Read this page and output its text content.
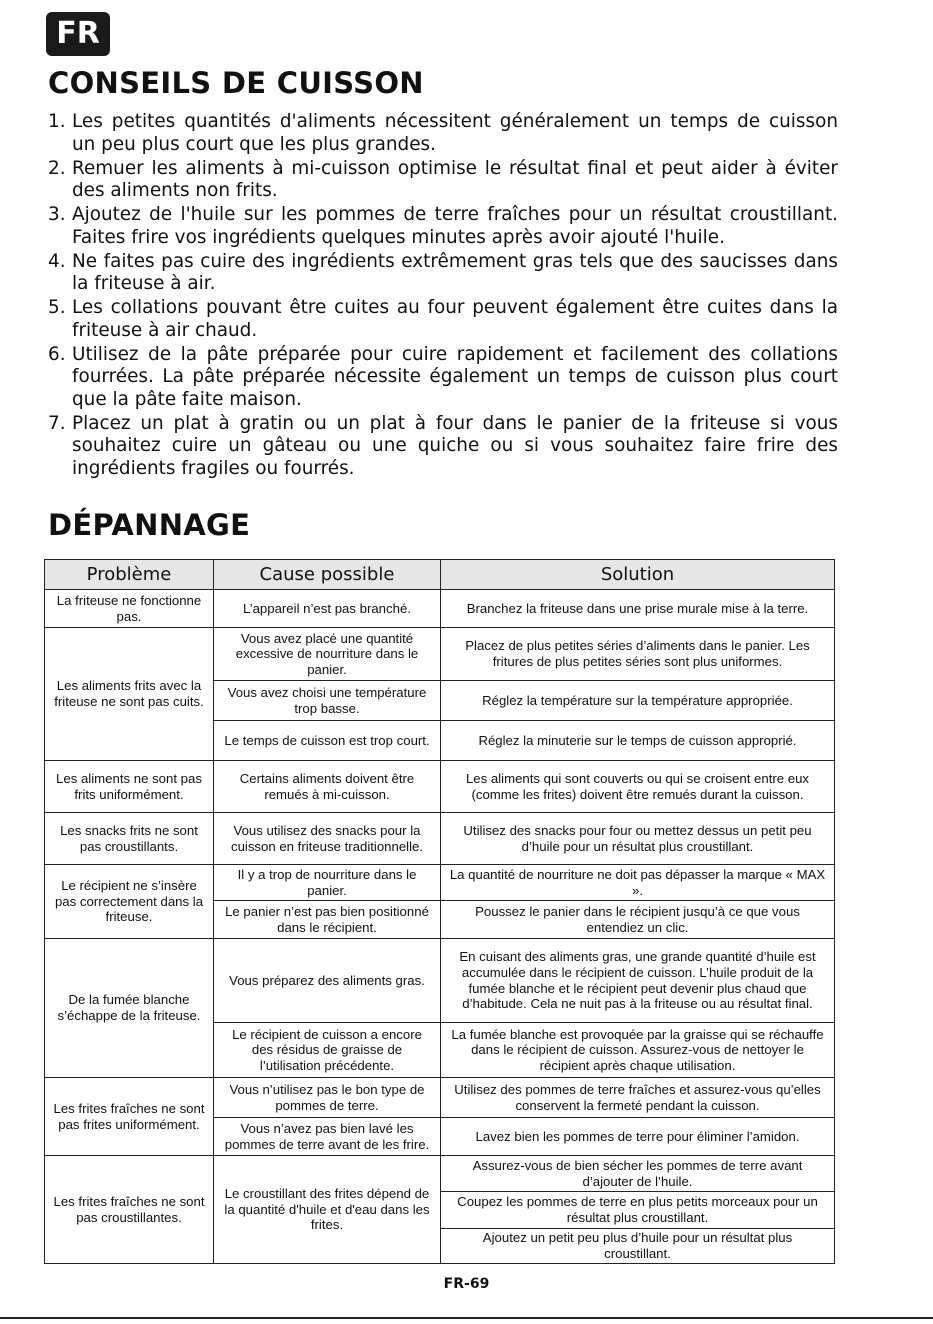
FR
CONSEILS DE CUISSON
1. Les petites quantités d'aliments nécessitent généralement un temps de cuisson un peu plus court que les plus grandes.
2. Remuer les aliments à mi-cuisson optimise le résultat final et peut aider à éviter des aliments non frits.
3. Ajoutez de l'huile sur les pommes de terre fraîches pour un résultat croustillant. Faites frire vos ingrédients quelques minutes après avoir ajouté l'huile.
4. Ne faites pas cuire des ingrédients extrêmement gras tels que des saucisses dans la friteuse à air.
5. Les collations pouvant être cuites au four peuvent également être cuites dans la friteuse à air chaud.
6. Utilisez de la pâte préparée pour cuire rapidement et facilement des collations fourrées. La pâte préparée nécessite également un temps de cuisson plus court que la pâte faite maison.
7. Placez un plat à gratin ou un plat à four dans le panier de la friteuse si vous souhaitez cuire un gâteau ou une quiche ou si vous souhaitez faire frire des ingrédients fragiles ou fourrés.
DÉPANNAGE
Problème	Cause possible	Solution
La friteuse ne fonctionne pas.	L’appareil n’est pas branché.	Branchez la friteuse dans une prise murale mise à la terre.
Les aliments frits avec la friteuse ne sont pas cuits.	Vous avez placé une quantité excessive de nourriture dans le panier.	Placez de plus petites séries d’aliments dans le panier. Les fritures de plus petites séries sont plus uniformes.
	Vous avez choisi une température trop basse.	Réglez la température sur la température appropriée.
	Le temps de cuisson est trop court.	Réglez la minuterie sur le temps de cuisson approprié.
Les aliments ne sont pas frits uniformément.	Certains aliments doivent être remués à mi-cuisson.	Les aliments qui sont couverts ou qui se croisent entre eux (comme les frites) doivent être remués durant la cuisson.
Les snacks frits ne sont pas croustillants.	Vous utilisez des snacks pour la cuisson en friteuse traditionnelle.	Utilisez des snacks pour four ou mettez dessus un petit peu d’huile pour un résultat plus croustillant.
Le récipient ne s’insère pas correctement dans la friteuse.	Il y a trop de nourriture dans le panier.	La quantité de nourriture ne doit pas dépasser la marque « MAX ».
	Le panier n’est pas bien positionné dans le récipient.	Poussez le panier dans le récipient jusqu’à ce que vous entendiez un clic.
De la fumée blanche s’échappe de la friteuse.	Vous préparez des aliments gras.	En cuisant des aliments gras, une grande quantité d’huile est accumulée dans le récipient de cuisson. L’huile produit de la fumée blanche et le récipient peut devenir plus chaud que d’habitude. Cela ne nuit pas à la friteuse ou au résultat final.
	Le récipient de cuisson a encore des résidus de graisse de l’utilisation précédente.	La fumée blanche est provoquée par la graisse qui se réchauffe dans le récipient de cuisson. Assurez-vous de nettoyer le récipient après chaque utilisation.
Les frites fraîches ne sont pas frites uniformément.	Vous n’utilisez pas le bon type de pommes de terre.	Utilisez des pommes de terre fraîches et assurez-vous qu’elles conservent la fermeté pendant la cuisson.
	Vous n’avez pas bien lavé les pommes de terre avant de les frire.	Lavez bien les pommes de terre pour éliminer l’amidon.
Les frites fraîches ne sont pas croustillantes.	Le croustillant des frites dépend de la quantité d'huile et d'eau dans les frites.	Assurez-vous de bien sécher les pommes de terre avant d’ajouter de l’huile.
		Coupez les pommes de terre en plus petits morceaux pour un résultat plus croustillant.
		Ajoutez un petit peu plus d’huile pour un résultat plus croustillant.
FR-69
